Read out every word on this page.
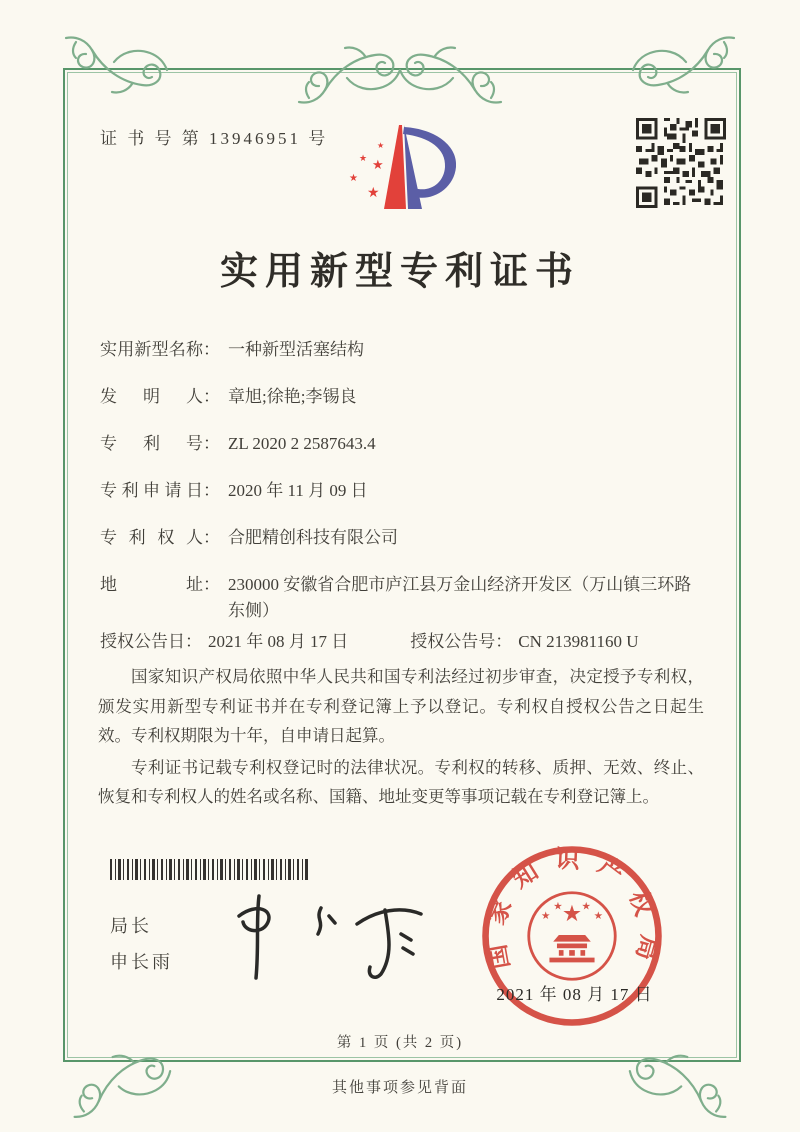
证 书 号 第 13946951 号	★
★ ★
★
★
实用新型专利证书
实用新型名称 ： 一种新型活塞结构
发明人 ： 章旭;徐艳;李锡良
专利号 ： ZL 2020 2 2587643.4
专利申请日 ： 2020 年 11 月 09 日
专利权人 ： 合肥精创科技有限公司
地址 ： 230000 安徽省合肥市庐江县万金山经济开发区（万山镇三环路东侧）
授权公告日 ： 2021 年 08 月 17 日	授权公告号 ： CN 213981160 U

国家知识产权局依照中华人民共和国专利法经过初步审查，决定授予专利权，颁发实用新型专利证书并在专利登记簿上予以登记。专利权自授权公告之日起生效。专利权期限为十年，自申请日起算。

专利证书记载专利权登记时的法律状况。专利权的转移、质押、无效、终止、恢复和专利权人的姓名或名称、国籍、地址变更等事项记载在专利登记簿上。

局长
申长雨	国家知识产权局
★
★
★ ★
★
2021 年 08 月 17 日
第 1 页 (共 2 页)
其他事项参见背面
